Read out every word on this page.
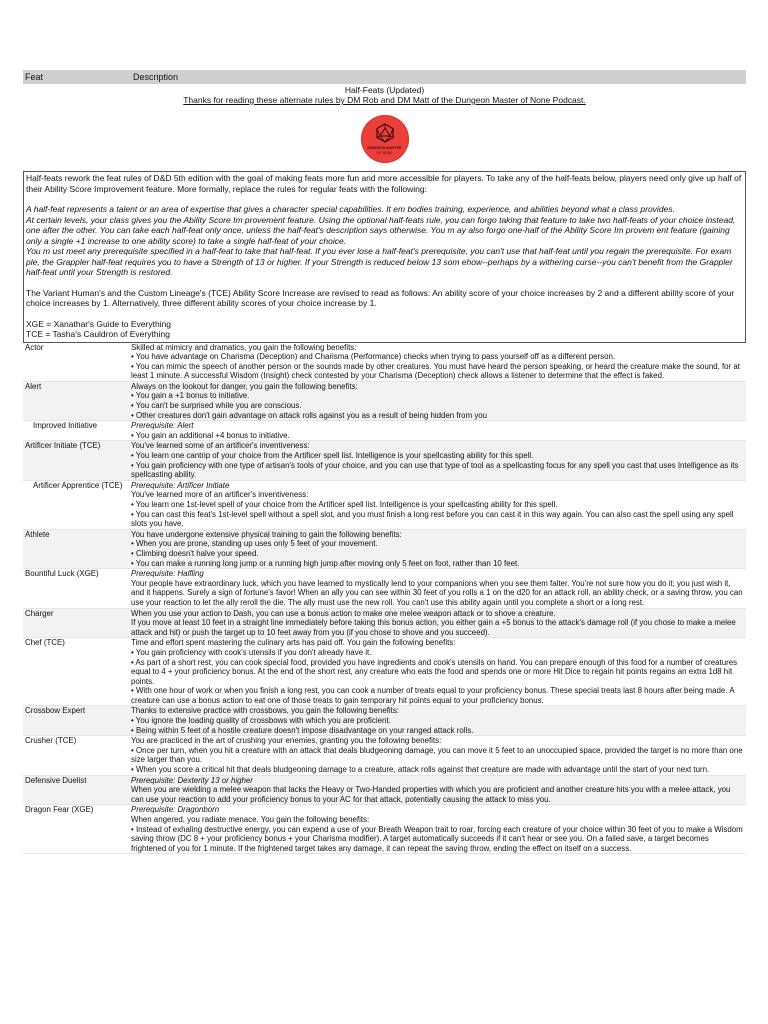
Feat	Description
Half-Feats (Updated)
Thanks for reading these alternate rules by DM Rob and DM Matt of the Dungeon Master of None Podcast.
DUNGEON MASTER
OF NONE

Half-feats rework the feat rules of D&D 5th edition with the goal of making feats more fun and more accessible for players. To take any of the half-feats below, players need only give up half of their Ability Score Improvement feature. More formally, replace the rules for regular feats with the following:

A half-feat represents a talent or an area of expertise that gives a character special capabilities. It em bodies training, experience, and abilities beyond what a class provides.

At certain levels, your class gives you the Ability Score Im provement feature. Using the optional half-feats rule, you can forgo taking that feature to take two half-feats of your choice instead, one after the other. You can take each half-feat only once, unless the half-feat's description says otherwise. You m ay also forgo one-half of the Ability Score Im provem ent feature (gaining only a single +1 increase to one ability score) to take a single half-feat of your choice.

You m ust meet any prerequisite specified in a half-feat to take that half-feat. If you ever lose a half-feat's prerequisite, you can't use that half-feat until you regain the prerequisite. For exam ple, the Grappler half-feat requires you to have a Strength of 13 or higher. If your Strength is reduced below 13 som ehow--perhaps by a withering curse--you can't benefit from the Grappler half-feat until your Strength is restored.

The Variant Human's and the Custom Lineage's (TCE) Ability Score Increase are revised to read as follows: An ability score of your choice increases by 2 and a different ability score of your choice increases by 1. Alternatively, three different ability scores of your choice increase by 1.

XGE = Xanathar's Guide to Everything

TCE = Tasha's Cauldron of Everything

Actor	Skilled at mimicry and dramatics, you gain the following benefits:
• You have advantage on Charisma (Deception) and Charisma (Performance) checks when trying to pass yourself off as a different person.
• You can mimic the speech of another person or the sounds made by other creatures. You must have heard the person speaking, or heard the creature make the sound, for at least 1 minute. A successful Wisdom (Insight) check contested by your Charisma (Deception) check allows a listener to determine that the effect is faked.
Alert	Always on the lookout for danger, you gain the following benefits:
• You gain a +1 bonus to initiative.
• You can't be surprised while you are conscious.
• Other creatures don't gain advantage on attack rolls against you as a result of being hidden from you
Improved Initiative	Prerequisite: Alert
• You gain an additional +4 bonus to initiative.
Artificer Initiate (TCE)	You've learned some of an artificer's inventiveness:
• You learn one cantrip of your choice from the Artificer spell list. Intelligence is your spellcasting ability for this spell.
• You gain proficiency with one type of artisan's tools of your choice, and you can use that type of tool as a spellcasting focus for any spell you cast that uses Intelligence as its spellcasting ability.
Artificer Apprentice (TCE)	Prerequisite: Artificer Initiate
You've learned more of an artificer's inventiveness:
• You learn one 1st-level spell of your choice from the Artificer spell list. Intelligence is your spellcasting ability for this spell.
• You can cast this feat's 1st-level spell without a spell slot, and you must finish a long rest before you can cast it in this way again. You can also cast the spell using any spell slots you have.
Athlete	You have undergone extensive physical training to gain the following benefits:
• When you are prone, standing up uses only 5 feet of your movement.
• Climbing doesn't halve your speed.
• You can make a running long jump or a running high jump after moving only 5 feet on foot, rather than 10 feet.
Bountiful Luck (XGE)	Prerequisite: Halfling
Your people have extraordinary luck, which you have learned to mystically lend to your companions when you see them falter. You're not sure how you do it; you just wish it, and it happens. Surely a sign of fortune's favor! When an ally you can see within 30 feet of you rolls a 1 on the d20 for an attack roll, an ability check, or a saving throw, you can use your reaction to let the ally reroll the die. The ally must use the new roll. You can't use this ability again until you complete a short or a long rest.
Charger	When you use your action to Dash, you can use a bonus action to make one melee weapon attack or to shove a creature.
If you move at least 10 feet in a straight line immediately before taking this bonus action, you either gain a +5 bonus to the attack's damage roll (if you chose to make a melee attack and hit) or push the target up to 10 feet away from you (if you chose to shove and you succeed).
Chef (TCE)	Time and effort spent mastering the culinary arts has paid off. You gain the following benefits:
• You gain proficiency with cook's utensils if you don't already have it.
• As part of a short rest, you can cook special food, provided you have ingredients and cook's utensils on hand. You can prepare enough of this food for a number of creatures equal to 4 + your proficiency bonus. At the end of the short rest, any creature who eats the food and spends one or more Hit Dice to regain hit points regains an extra 1d8 hit points.
• With one hour of work or when you finish a long rest, you can cook a number of treats equal to your proficiency bonus. These special treats last 8 hours after being made. A creature can use a bonus action to eat one of those treats to gain temporary hit points equal to your proficiency bonus.
Crossbow Expert	Thanks to extensive practice with crossbows, you gain the following benefits:
• You ignore the loading quality of crossbows with which you are proficient.
• Being within 5 feet of a hostile creature doesn't impose disadvantage on your ranged attack rolls.
Crusher (TCE)	You are practiced in the art of crushing your enemies, granting you the following benefits:
• Once per turn, when you hit a creature with an attack that deals bludgeoning damage, you can move it 5 feet to an unoccupied space, provided the target is no more than one size larger than you.
• When you score a critical hit that deals bludgeoning damage to a creature, attack rolls against that creature are made with advantage until the start of your next turn.
Defensive Duelist	Prerequisite: Dexterity 13 or higher
When you are wielding a melee weapon that lacks the Heavy or Two-Handed properties with which you are proficient and another creature hits you with a melee attack, you can use your reaction to add your proficiency bonus to your AC for that attack, potentially causing the attack to miss you.
Dragon Fear (XGE)	Prerequisite: Dragonborn
When angered, you radiate menace. You gain the following benefits:
• Instead of exhaling destructive energy, you can expend a use of your Breath Weapon trait to roar, forcing each creature of your choice within 30 feet of you to make a Wisdom saving throw (DC 8 + your proficiency bonus + your Charisma modifier). A target automatically succeeds if it can't hear or see you. On a failed save, a target becomes frightened of you for 1 minute. If the frightened target takes any damage, it can repeat the saving throw, ending the effect on itself on a success.
